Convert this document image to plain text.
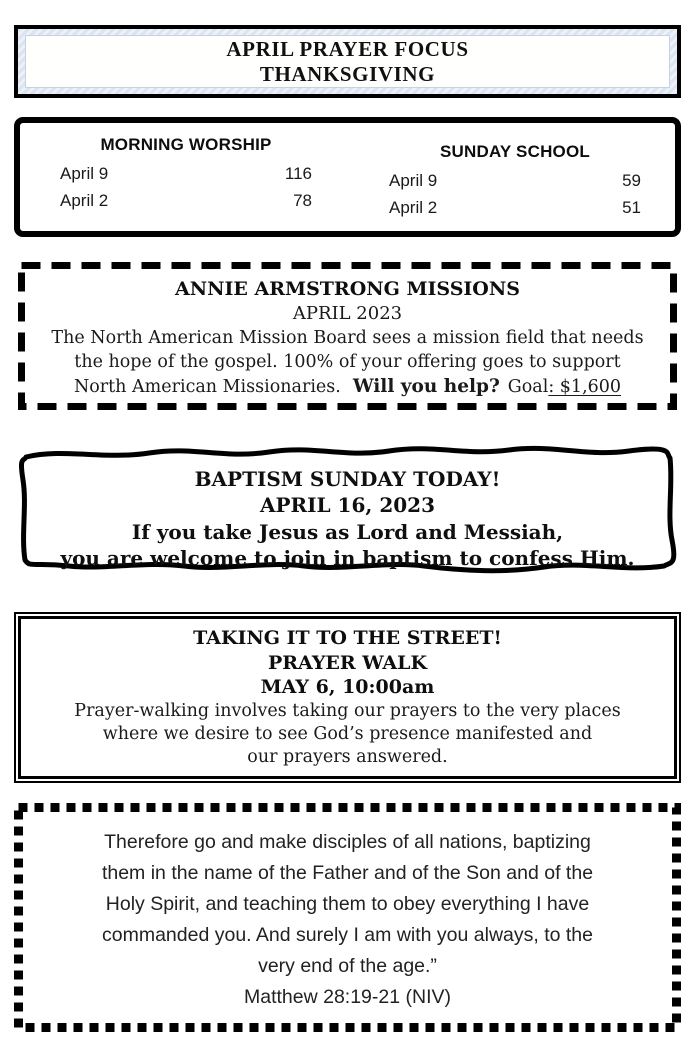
APRIL PRAYER FOCUS
THANKSGIVING
MORNING WORSHIP
April 9	116
April 2	78
SUNDAY SCHOOL
April 9	59
April 2	51
ANNIE ARMSTRONG MISSIONS
APRIL 2023
The North American Mission Board sees a mission field that needs
the hope of the gospel. 100% of your offering goes to support
North American Missionaries. Will you help? Goal: $1,600
BAPTISM SUNDAY TODAY!
APRIL 16, 2023
If you take Jesus as Lord and Messiah,
you are welcome to join in baptism to confess Him.
TAKING IT TO THE STREET!
PRAYER WALK
MAY 6, 10:00am
Prayer-walking involves taking our prayers to the very places
where we desire to see God’s presence manifested and
our prayers answered.
Therefore go and make disciples of all nations, baptizing
them in the name of the Father and of the Son and of the
Holy Spirit, and teaching them to obey everything I have
commanded you. And surely I am with you always, to the
very end of the age.”
Matthew 28:19-21 (NIV)
